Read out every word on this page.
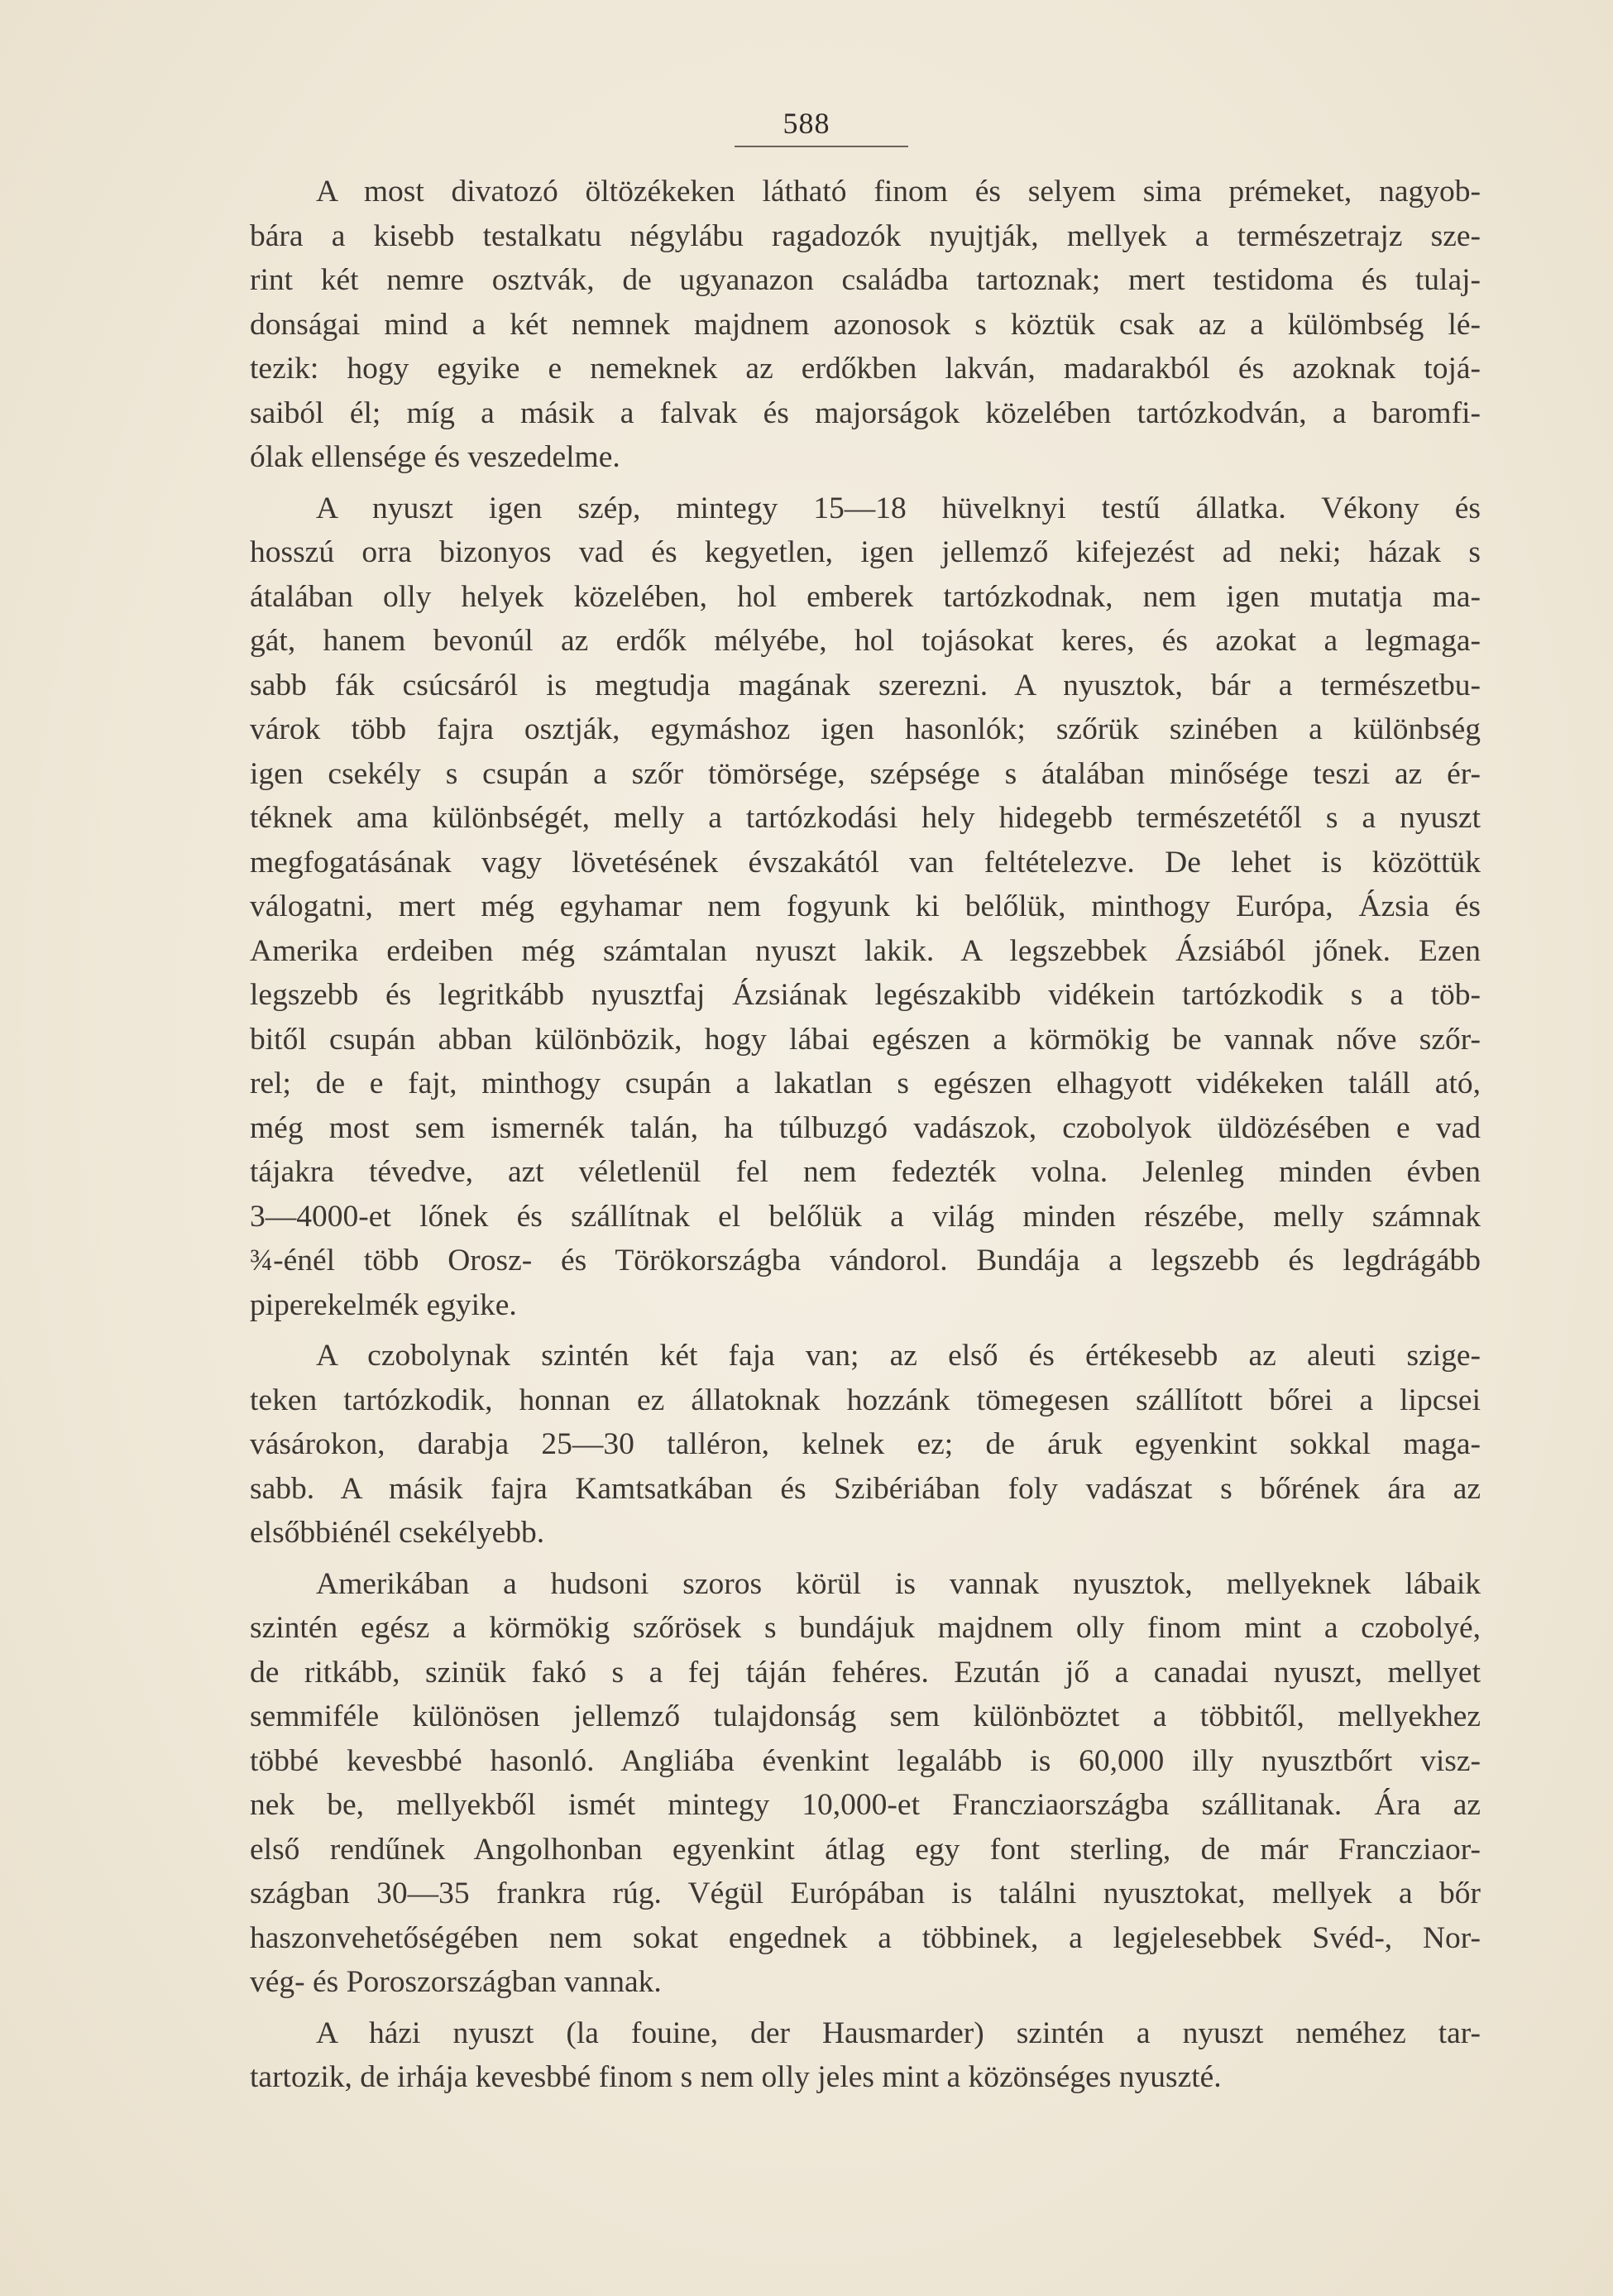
588
A most divatozó öltözékeken látható finom és selyem sima prémeket, nagyob-
bára a kisebb testalkatu négylábu ragadozók nyujtják, mellyek a természetrajz sze-
rint két nemre osztvák, de ugyanazon családba tartoznak; mert testidoma és tulaj-
donságai mind a két nemnek majdnem azonosok s köztük csak az a külömbség lé-
tezik: hogy egyike e nemeknek az erdőkben lakván, madarakból és azoknak tojá-
saiból él; míg a másik a falvak és majorságok közelében tartózkodván, a baromfi-
ólak ellensége és veszedelme.
A nyuszt igen szép, mintegy 15—18 hüvelknyi testű állatka. Vékony és
hosszú orra bizonyos vad és kegyetlen, igen jellemző kifejezést ad neki; házak s
átalában olly helyek közelében, hol emberek tartózkodnak, nem igen mutatja ma-
gát, hanem bevonúl az erdők mélyébe, hol tojásokat keres, és azokat a legmaga-
sabb fák csúcsáról is megtudja magának szerezni. A nyusztok, bár a természetbu-
várok több fajra osztják, egymáshoz igen hasonlók; szőrük szinében a különbség
igen csekély s csupán a szőr tömörsége, szépsége s átalában minősége teszi az ér-
téknek ama különbségét, melly a tartózkodási hely hidegebb természetétől s a nyuszt
megfogatásának vagy lövetésének évszakától van feltételezve. De lehet is közöttük
válogatni, mert még egyhamar nem fogyunk ki belőlük, minthogy Európa, Ázsia és
Amerika erdeiben még számtalan nyuszt lakik. A legszebbek Ázsiából jőnek. Ezen
legszebb és legritkább nyusztfaj Ázsiának legészakibb vidékein tartózkodik s a töb-
bitől csupán abban különbözik, hogy lábai egészen a körmökig be vannak nőve szőr-
rel; de e fajt, minthogy csupán a lakatlan s egészen elhagyott vidékeken találl ató,
még most sem ismernék talán, ha túlbuzgó vadászok, czobolyok üldözésében e vad
tájakra tévedve, azt véletlenül fel nem fedezték volna. Jelenleg minden évben
3—4000-et lőnek és szállítnak el belőlük a világ minden részébe, melly számnak
¾-énél több Orosz- és Törökországba vándorol. Bundája a legszebb és legdrágább
piperekelmék egyike.
A czobolynak szintén két faja van; az első és értékesebb az aleuti szige-
teken tartózkodik, honnan ez állatoknak hozzánk tömegesen szállított bőrei a lipcsei
vásárokon, darabja 25—30 talléron, kelnek ez; de áruk egyenkint sokkal maga-
sabb. A másik fajra Kamtsatkában és Szibériában foly vadászat s bőrének ára az
elsőbbiénél csekélyebb.
Amerikában a hudsoni szoros körül is vannak nyusztok, mellyeknek lábaik
szintén egész a körmökig szőrösek s bundájuk majdnem olly finom mint a czobolyé,
de ritkább, szinük fakó s a fej táján fehéres. Ezután jő a canadai nyuszt, mellyet
semmiféle különösen jellemző tulajdonság sem különböztet a többitől, mellyekhez
többé kevesbbé hasonló. Angliába évenkint legalább is 60,000 illy nyusztbőrt visz-
nek be, mellyekből ismét mintegy 10,000-et Francziaországba szállitanak. Ára az
első rendűnek Angolhonban egyenkint átlag egy font sterling, de már Francziaor-
szágban 30—35 frankra rúg. Végül Európában is találni nyusztokat, mellyek a bőr
haszonvehetőségében nem sokat engednek a többinek, a legjelesebbek Svéd-, Nor-
vég- és Poroszországban vannak.
A házi nyuszt (la fouine, der Hausmarder) szintén a nyuszt neméhez tar-
tartozik, de irhája kevesbbé finom s nem olly jeles mint a közönséges nyuszté.
